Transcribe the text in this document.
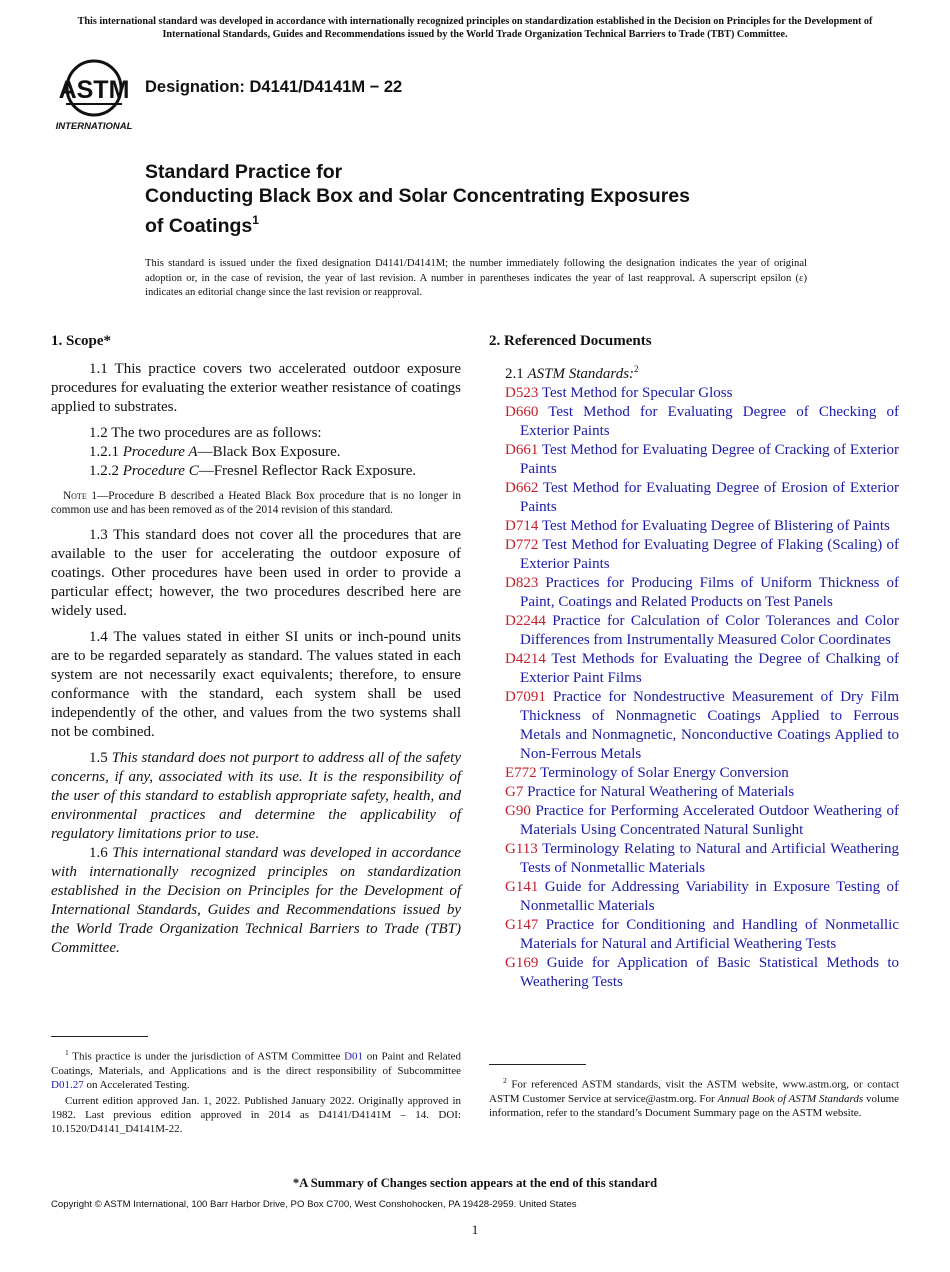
This international standard was developed in accordance with internationally recognized principles on standardization established in the Decision on Principles for the Development of International Standards, Guides and Recommendations issued by the World Trade Organization Technical Barriers to Trade (TBT) Committee.
ASTM
INTERNATIONAL
Designation: D4141/D4141M − 22
Standard Practice for
Conducting Black Box and Solar Concentrating Exposures
of Coatings$^1$
This standard is issued under the fixed designation D4141/D4141M; the number immediately following the designation indicates the year of original adoption or, in the case of revision, the year of last revision. A number in parentheses indicates the year of last reapproval. A superscript epsilon (ε) indicates an editorial change since the last revision or reapproval.
1. Scope*

1.1 This practice covers two accelerated outdoor exposure procedures for evaluating the exterior weather resistance of coatings applied to substrates.

1.2 The two procedures are as follows:

1.2.1 Procedure A—Black Box Exposure.

1.2.2 Procedure C—Fresnel Reflector Rack Exposure.

Note 1—Procedure B described a Heated Black Box procedure that is no longer in common use and has been removed as of the 2014 revision of this standard.

1.3 This standard does not cover all the procedures that are available to the user for accelerating the outdoor exposure of coatings. Other procedures have been used in order to provide a particular effect; however, the two procedures described here are widely used.

1.4 The values stated in either SI units or inch-pound units are to be regarded separately as standard. The values stated in each system are not necessarily exact equivalents; therefore, to ensure conformance with the standard, each system shall be used independently of the other, and values from the two systems shall not be combined.

1.5 This standard does not purport to address all of the safety concerns, if any, associated with its use. It is the responsibility of the user of this standard to establish appropriate safety, health, and environmental practices and determine the applicability of regulatory limitations prior to use.

1.6 This international standard was developed in accordance with internationally recognized principles on standardization established in the Decision on Principles for the Development of International Standards, Guides and Recommendations issued by the World Trade Organization Technical Barriers to Trade (TBT) Committee.

2. Referenced Documents

2.1 ASTM Standards:$^2$

D523 Test Method for Specular Gloss
D660 Test Method for Evaluating Degree of Checking of Exterior Paints
D661 Test Method for Evaluating Degree of Cracking of Exterior Paints
D662 Test Method for Evaluating Degree of Erosion of Exterior Paints
D714 Test Method for Evaluating Degree of Blistering of Paints
D772 Test Method for Evaluating Degree of Flaking (Scaling) of Exterior Paints
D823 Practices for Producing Films of Uniform Thickness of Paint, Coatings and Related Products on Test Panels
D2244 Practice for Calculation of Color Tolerances and Color Differences from Instrumentally Measured Color Coordinates
D4214 Test Methods for Evaluating the Degree of Chalking of Exterior Paint Films
D7091 Practice for Nondestructive Measurement of Dry Film Thickness of Nonmagnetic Coatings Applied to Ferrous Metals and Nonmagnetic, Nonconductive Coatings Applied to Non-Ferrous Metals
E772 Terminology of Solar Energy Conversion
G7 Practice for Natural Weathering of Materials
G90 Practice for Performing Accelerated Outdoor Weathering of Materials Using Concentrated Natural Sunlight
G113 Terminology Relating to Natural and Artificial Weathering Tests of Nonmetallic Materials
G141 Guide for Addressing Variability in Exposure Testing of Nonmetallic Materials
G147 Practice for Conditioning and Handling of Nonmetallic Materials for Natural and Artificial Weathering Tests
G169 Guide for Application of Basic Statistical Methods to Weathering Tests
$^1$ This practice is under the jurisdiction of ASTM Committee D01 on Paint and Related Coatings, Materials, and Applications and is the direct responsibility of Subcommittee D01.27 on Accelerated Testing.
Current edition approved Jan. 1, 2022. Published January 2022. Originally approved in 1982. Last previous edition approved in 2014 as D4141/D4141M – 14. DOI: 10.1520/D4141_D4141M-22.
$^2$ For referenced ASTM standards, visit the ASTM website, www.astm.org, or contact ASTM Customer Service at service@astm.org. For Annual Book of ASTM Standards volume information, refer to the standard’s Document Summary page on the ASTM website.
*A Summary of Changes section appears at the end of this standard
Copyright © ASTM International, 100 Barr Harbor Drive, PO Box C700, West Conshohocken, PA 19428-2959. United States
1
